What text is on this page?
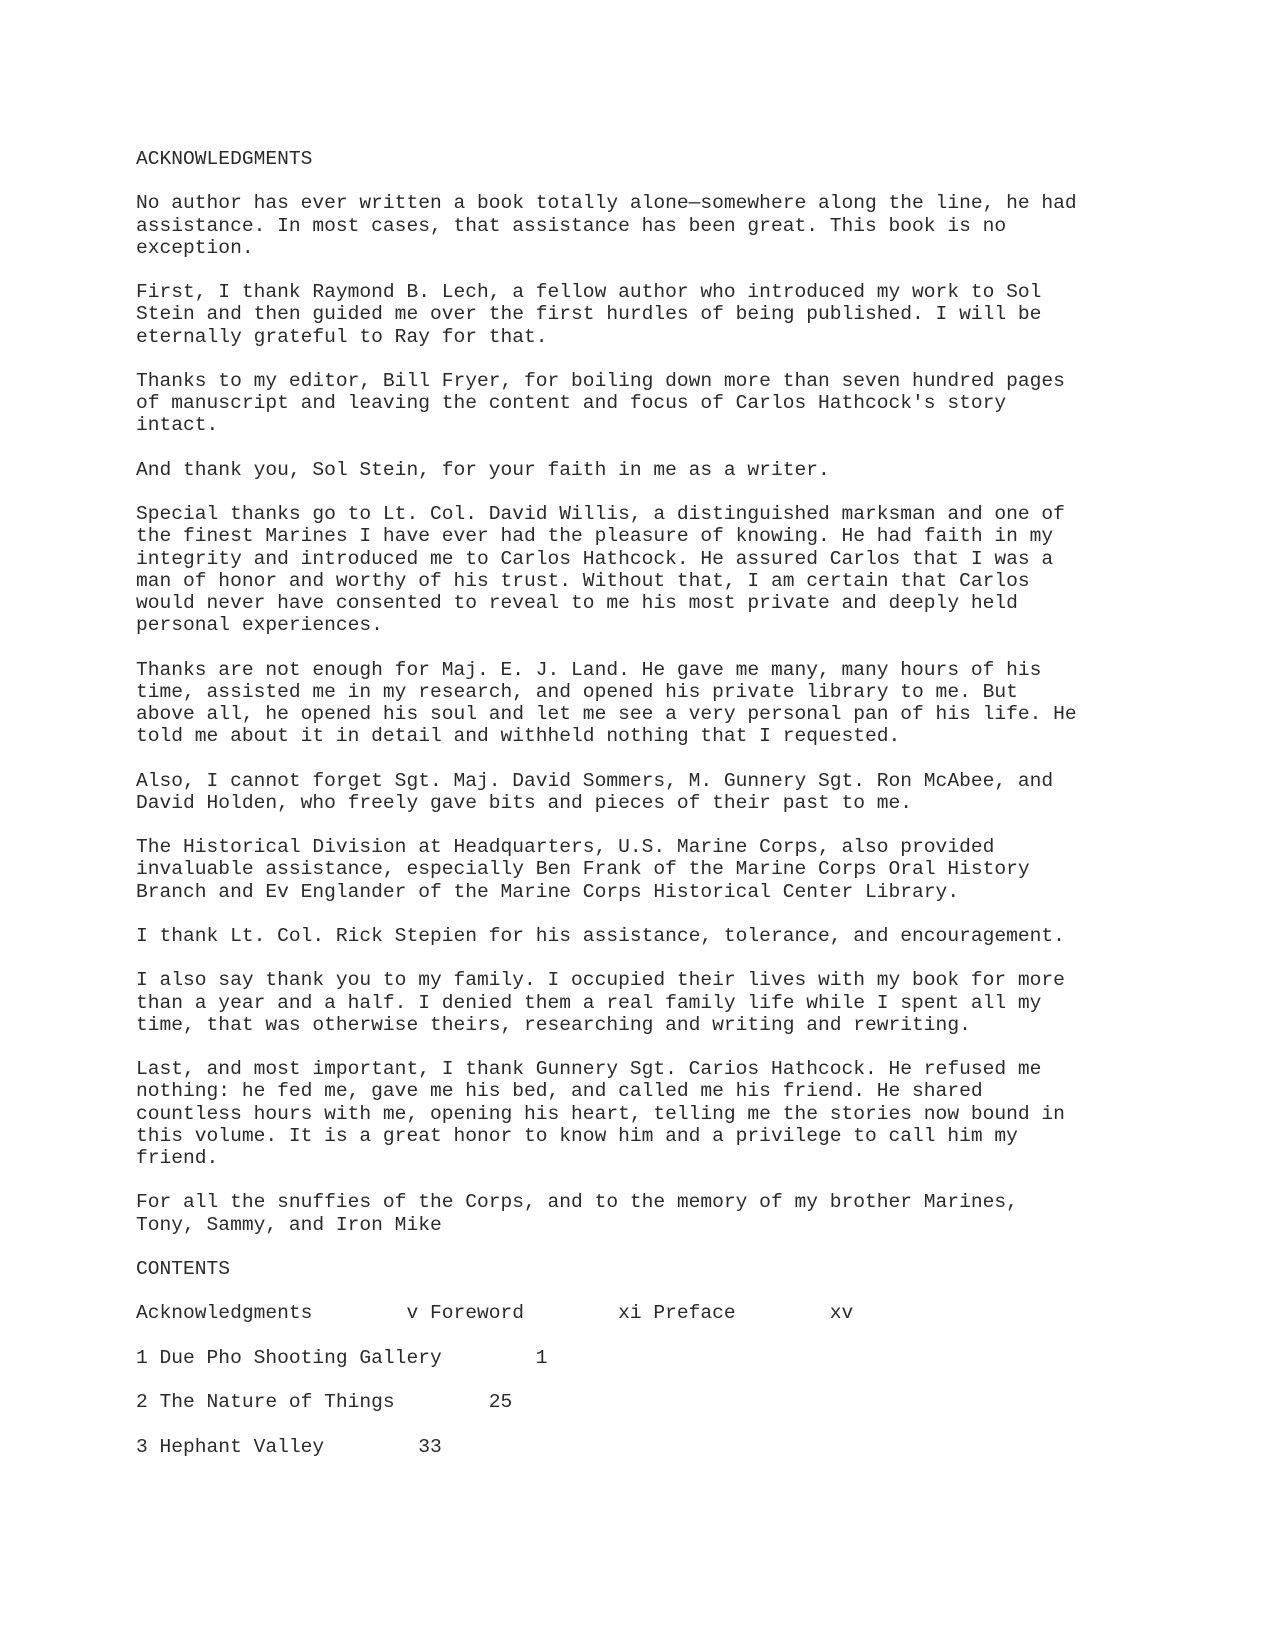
ACKNOWLEDGMENTS

No author has ever written a book totally alone—somewhere along the line, he had
assistance. In most cases, that assistance has been great. This book is no
exception.

First, I thank Raymond B. Lech, a fellow author who introduced my work to Sol
Stein and then guided me over the first hurdles of being published. I will be
eternally grateful to Ray for that.

Thanks to my editor, Bill Fryer, for boiling down more than seven hundred pages
of manuscript and leaving the content and focus of Carlos Hathcock's story
intact.

And thank you, Sol Stein, for your faith in me as a writer.

Special thanks go to Lt. Col. David Willis, a distinguished marksman and one of
the finest Marines I have ever had the pleasure of knowing. He had faith in my
integrity and introduced me to Carlos Hathcock. He assured Carlos that I was a
man of honor and worthy of his trust. Without that, I am certain that Carlos
would never have consented to reveal to me his most private and deeply held
personal experiences.

Thanks are not enough for Maj. E. J. Land. He gave me many, many hours of his
time, assisted me in my research, and opened his private library to me. But
above all, he opened his soul and let me see a very personal pan of his life. He
told me about it in detail and withheld nothing that I requested.

Also, I cannot forget Sgt. Maj. David Sommers, M. Gunnery Sgt. Ron McAbee, and
David Holden, who freely gave bits and pieces of their past to me.

The Historical Division at Headquarters, U.S. Marine Corps, also provided
invaluable assistance, especially Ben Frank of the Marine Corps Oral History
Branch and Ev Englander of the Marine Corps Historical Center Library.

I thank Lt. Col. Rick Stepien for his assistance, tolerance, and encouragement.

I also say thank you to my family. I occupied their lives with my book for more
than a year and a half. I denied them a real family life while I spent all my
time, that was otherwise theirs, researching and writing and rewriting.

Last, and most important, I thank Gunnery Sgt. Carios Hathcock. He refused me
nothing: he fed me, gave me his bed, and called me his friend. He shared
countless hours with me, opening his heart, telling me the stories now bound in
this volume. It is a great honor to know him and a privilege to call him my
friend.

For all the snuffies of the Corps, and to the memory of my brother Marines,
Tony, Sammy, and Iron Mike

CONTENTS

Acknowledgments        v Foreword        xi Preface        xv
1 Due Pho Shooting Gallery        1
2 The Nature of Things        25
3 Hephant Valley        33
